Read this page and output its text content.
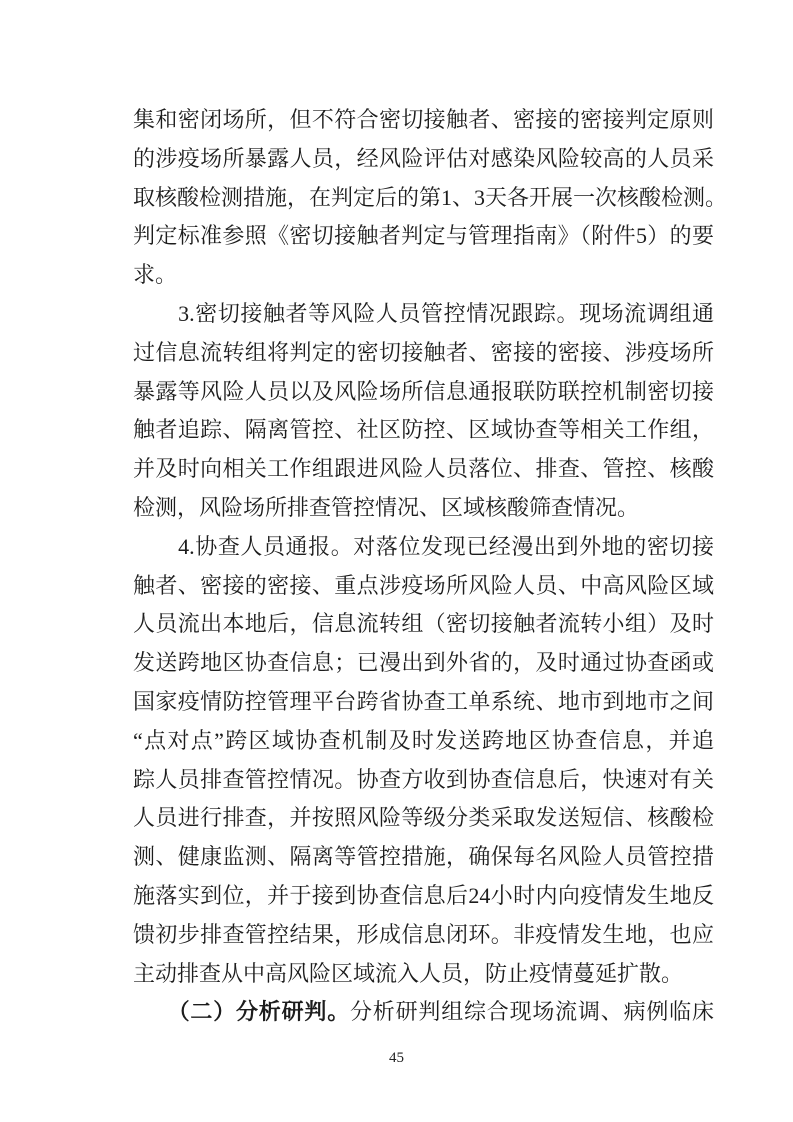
集和密闭场所，但不符合密切接触者、密接的密接判定原则
的涉疫场所暴露人员，经风险评估对感染风险较高的人员采
取核酸检测措施，在判定后的第1、3天各开展一次核酸检测。
判定标准参照《密切接触者判定与管理指南》（附件5）的要
求。
　　3.密切接触者等风险人员管控情况跟踪。现场流调组通
过信息流转组将判定的密切接触者、密接的密接、涉疫场所
暴露等风险人员以及风险场所信息通报联防联控机制密切接
触者追踪、隔离管控、社区防控、区域协查等相关工作组，
并及时向相关工作组跟进风险人员落位、排查、管控、核酸
检测，风险场所排查管控情况、区域核酸筛查情况。
　　4.协查人员通报。对落位发现已经漫出到外地的密切接
触者、密接的密接、重点涉疫场所风险人员、中高风险区域
人员流出本地后，信息流转组（密切接触者流转小组）及时
发送跨地区协查信息；已漫出到外省的，及时通过协查函或
国家疫情防控管理平台跨省协查工单系统、地市到地市之间
“点对点”跨区域协查机制及时发送跨地区协查信息，并追
踪人员排查管控情况。协查方收到协查信息后，快速对有关
人员进行排查，并按照风险等级分类采取发送短信、核酸检
测、健康监测、隔离等管控措施，确保每名风险人员管控措
施落实到位，并于接到协查信息后24小时内向疫情发生地反
馈初步排查管控结果，形成信息闭环。非疫情发生地，也应
主动排查从中高风险区域流入人员，防止疫情蔓延扩散。
　　（二）分析研判。分析研判组综合现场流调、病例临床
45
